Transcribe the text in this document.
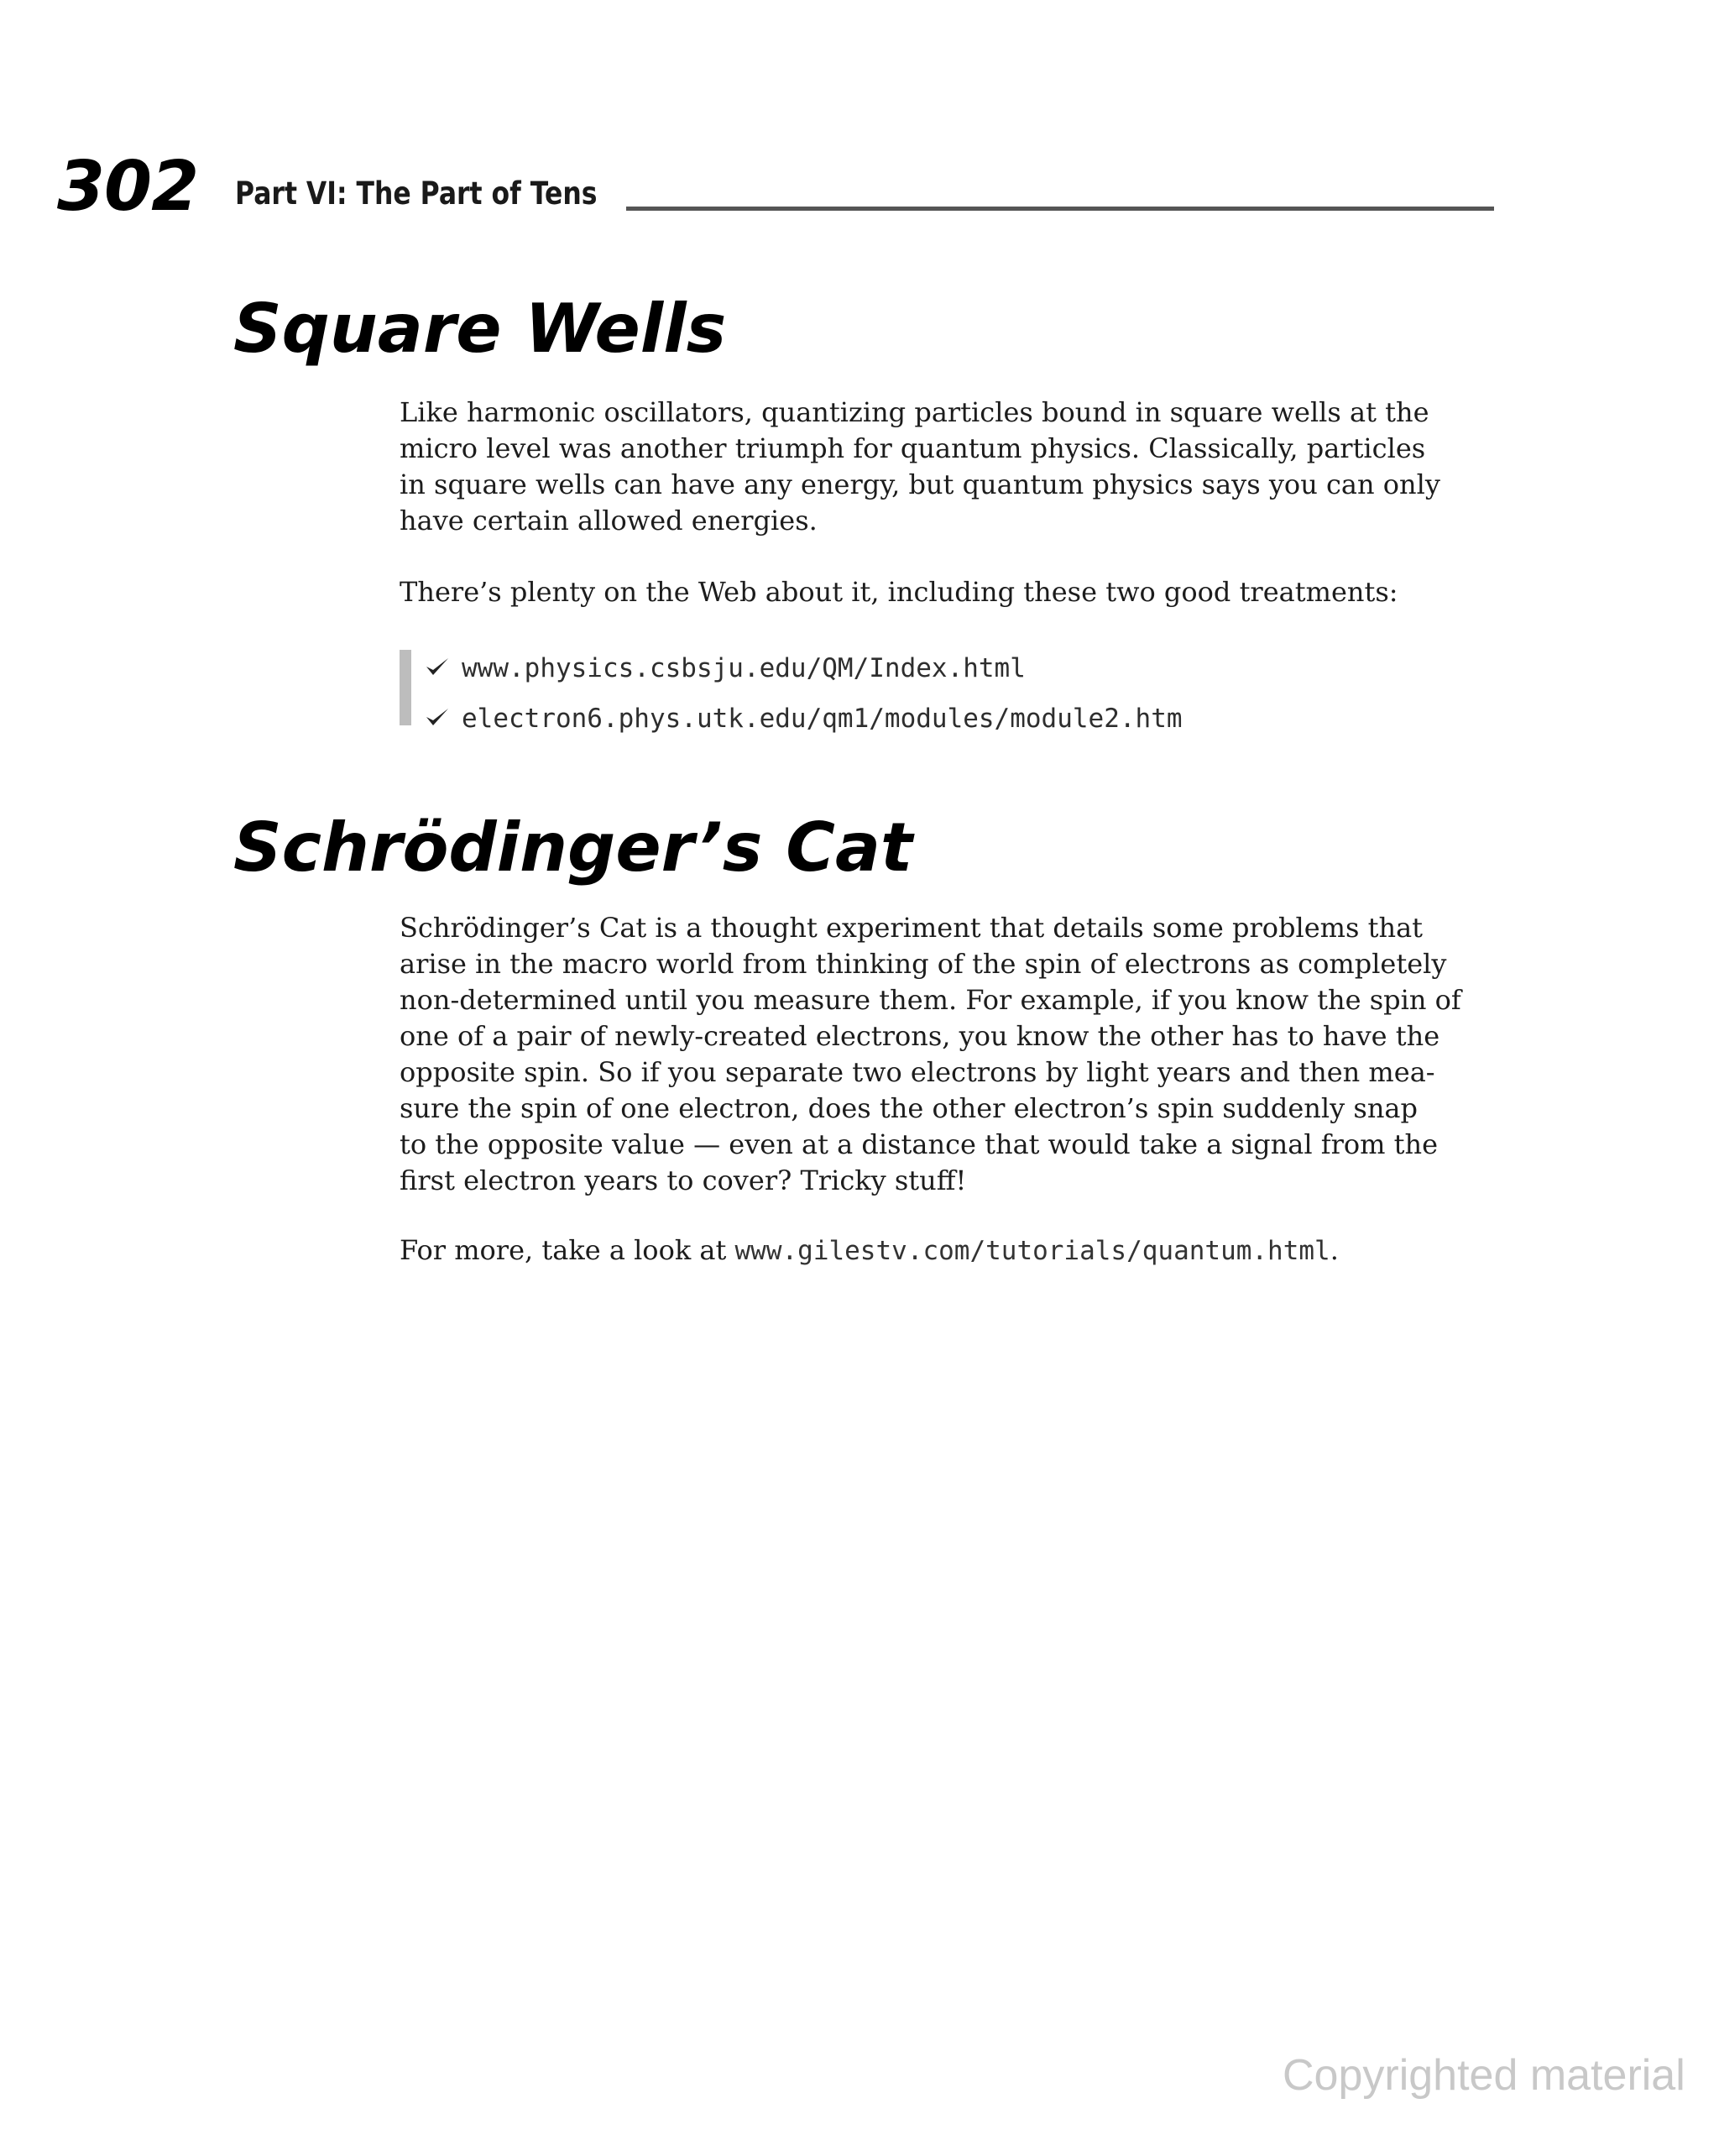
302 Part VI: The Part of Tens
Square Wells

Like harmonic oscillators, quantizing particles bound in square wells at the
micro level was another triumph for quantum physics. Classically, particles
in square wells can have any energy, but quantum physics says you can only
have certain allowed energies.

There’s plenty on the Web about it, including these two good treatments:

www.physics.csbsju.edu/QM/Index.html
electron6.phys.utk.edu/qm1/modules/module2.htm
Schrödinger’s Cat

Schrödinger’s Cat is a thought experiment that details some problems that
arise in the macro world from thinking of the spin of electrons as completely
non-determined until you measure them. For example, if you know the spin of
one of a pair of newly-created electrons, you know the other has to have the
opposite spin. So if you separate two electrons by light years and then mea-
sure the spin of one electron, does the other electron’s spin suddenly snap
to the opposite value — even at a distance that would take a signal from the
first electron years to cover? Tricky stuff!

For more, take a look at www.gilestv.com/tutorials/quantum.html.

Copyrighted material
